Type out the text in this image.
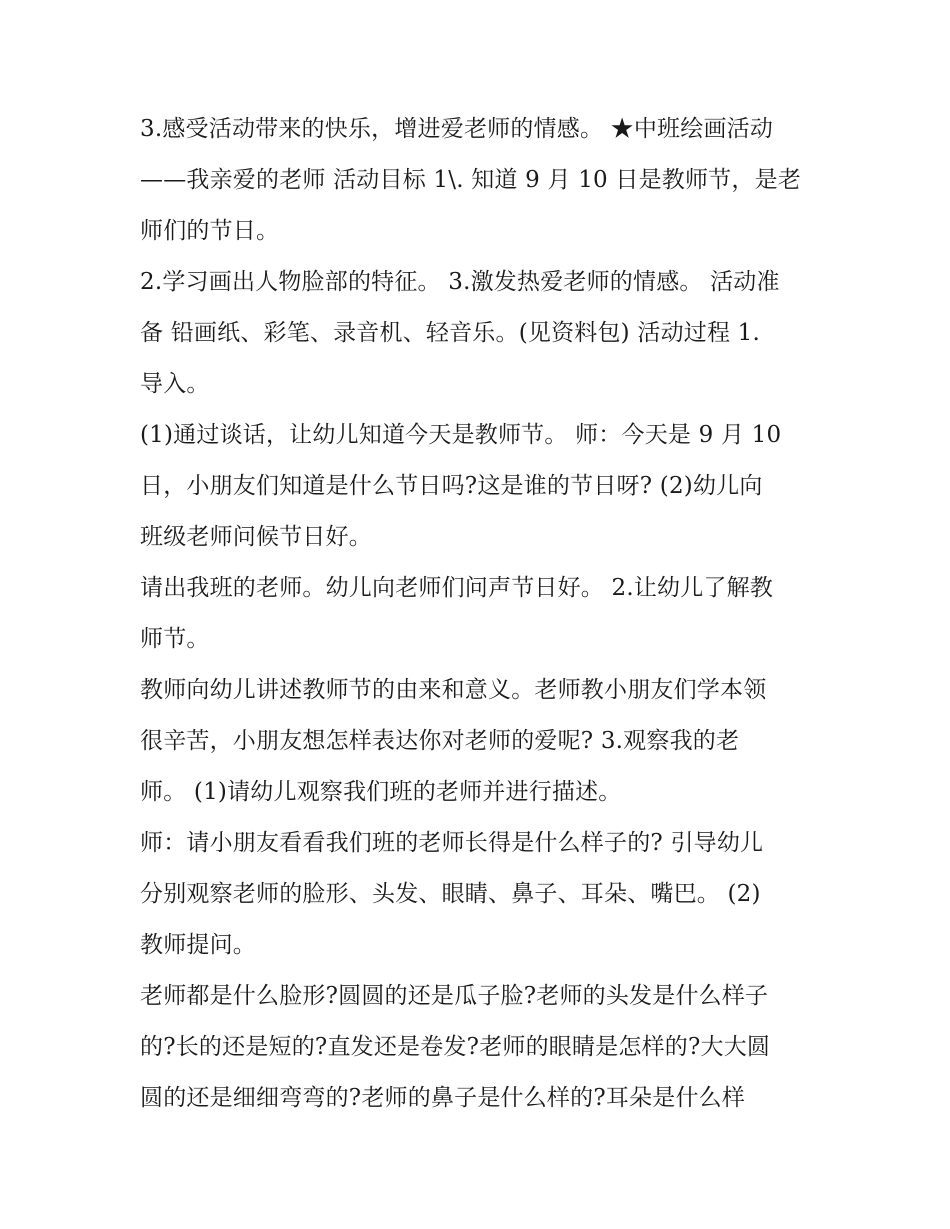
3.感受活动带来的快乐，增进爱老师的情感。 ★中班绘画活动
——我亲爱的老师 活动目标 1\. 知道 9 月 10 日是教师节，是老
师们的节日。
2.学习画出人物脸部的特征。 3.激发热爱老师的情感。 活动准
备 铅画纸、彩笔、录音机、轻音乐。(见资料包) 活动过程 1.
导入。
(1)通过谈话，让幼儿知道今天是教师节。 师：今天是 9 月 10
日，小朋友们知道是什么节日吗?这是谁的节日呀? (2)幼儿向
班级老师问候节日好。
请出我班的老师。幼儿向老师们问声节日好。 2.让幼儿了解教
师节。
教师向幼儿讲述教师节的由来和意义。老师教小朋友们学本领
很辛苦，小朋友想怎样表达你对老师的爱呢? 3.观察我的老
师。 (1)请幼儿观察我们班的老师并进行描述。
师：请小朋友看看我们班的老师长得是什么样子的? 引导幼儿
分别观察老师的脸形、头发、眼睛、鼻子、耳朵、嘴巴。 (2)
教师提问。
老师都是什么脸形?圆圆的还是瓜子脸?老师的头发是什么样子
的?长的还是短的?直发还是卷发?老师的眼睛是怎样的?大大圆
圆的还是细细弯弯的?老师的鼻子是什么样的?耳朵是什么样
